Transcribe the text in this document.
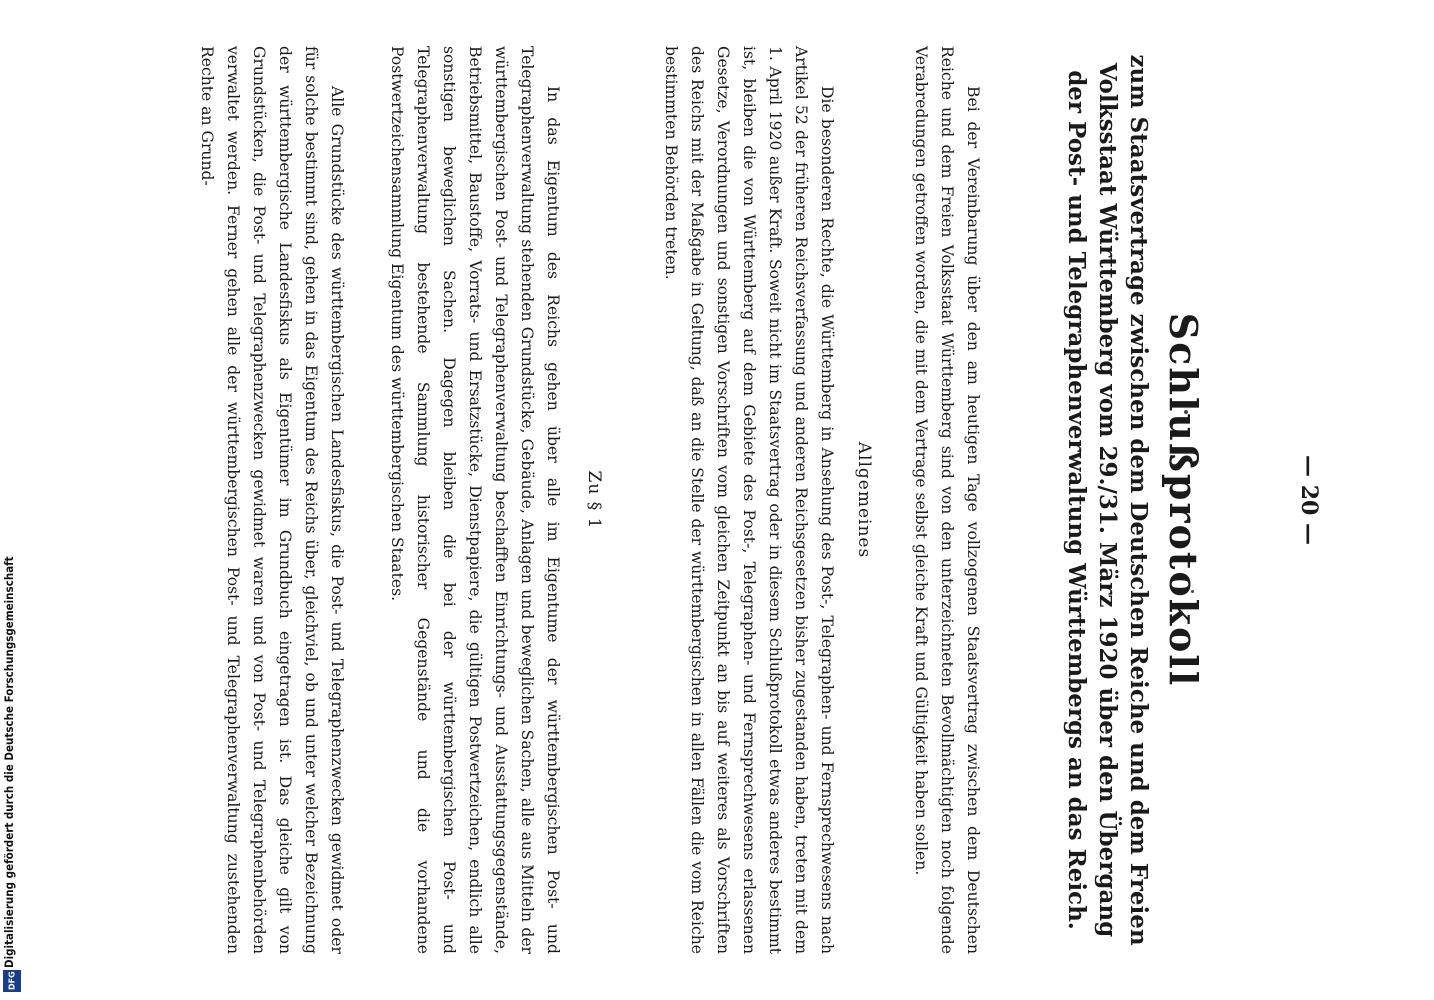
— 20 —
Schlußprotokoll
zum Staatsvertrage zwischen dem Deutschen Reiche und dem Freien Volksstaat Württemberg vom 29./31. März 1920 über den Übergang der Post- und Telegraphenverwaltung Württembergs an das Reich.

Bei der Vereinbarung über den am heutigen Tage vollzogenen Staatsvertrag zwischen dem Deutschen Reiche und dem Freien Volksstaat Württemberg sind von den unterzeichneten Bevollmächtigten noch folgende Verabredungen getroffen worden, die mit dem Vertrage selbst gleiche Kraft und Gültigkeit haben sollen.

Allgemeines

Die besonderen Rechte, die Württemberg in Ansehung des Post-, Telegraphen- und Fernsprechwesens nach Artikel 52 der früheren Reichsverfassung und anderen Reichsgesetzen bisher zugestanden haben, treten mit dem 1. April 1920 außer Kraft. Soweit nicht im Staatsvertrag oder in diesem Schlußprotokoll etwas anderes bestimmt ist, bleiben die von Württemberg auf dem Gebiete des Post-, Telegraphen- und Fernsprechwesens erlassenen Gesetze, Verordnungen und sonstigen Vorschriften vom gleichen Zeitpunkt an bis auf weiteres als Vorschriften des Reichs mit der Maßgabe in Geltung, daß an die Stelle der württembergischen in allen Fällen die vom Reiche bestimmten Behörden treten.

Zu § 1

In das Eigentum des Reichs gehen über alle im Eigentume der württembergischen Post- und Telegraphenverwaltung stehenden Grundstücke, Gebäude, Anlagen und beweglichen Sachen, alle aus Mitteln der württembergischen Post- und Telegraphenverwaltung beschafften Einrichtungs- und Ausstattungsgegenstände, Betriebsmittel, Baustoffe, Vorrats- und Ersatzstücke, Dienstpapiere, die gültigen Postwertzeichen, endlich alle sonstigen beweglichen Sachen. Dagegen bleiben die bei der württembergischen Post- und Telegraphenverwaltung bestehende Sammlung historischer Gegenstände und die vorhandene Postwertzeichensammlung Eigentum des württembergischen Staates.

Alle Grundstücke des württembergischen Landesfiskus, die Post- und Telegraphenzwecken gewidmet oder für solche bestimmt sind, gehen in das Eigentum des Reichs über, gleichviel, ob und unter welcher Bezeichnung der württembergische Landesfiskus als Eigentümer im Grundbuch eingetragen ist. Das gleiche gilt von Grundstücken, die Post- und Telegraphenzwecken gewidmet waren und von Post- und Telegraphenbehörden verwaltet werden. Ferner gehen alle der württembergischen Post- und Telegraphenverwaltung zustehenden Rechte an Grund-

Digitalisierung gefördert durch die Deutsche Forschungsgemeinschaft
DFG
